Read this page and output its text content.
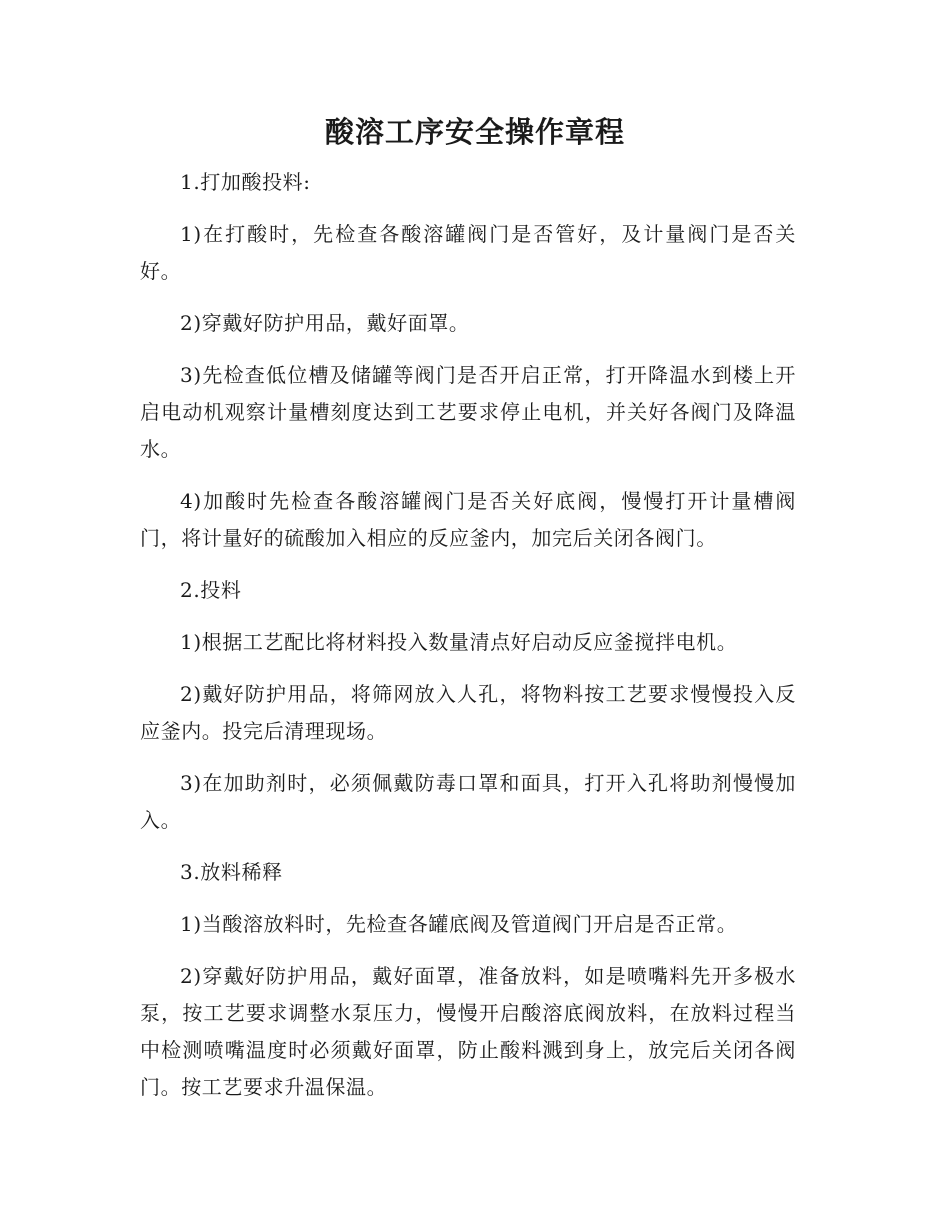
酸溶工序安全操作章程

1.打加酸投料:

1)在打酸时，先检查各酸溶罐阀门是否管好，及计量阀门是否关好。

2)穿戴好防护用品，戴好面罩。

3)先检查低位槽及储罐等阀门是否开启正常，打开降温水到楼上开启电动机观察计量槽刻度达到工艺要求停止电机，并关好各阀门及降温水。

4)加酸时先检查各酸溶罐阀门是否关好底阀，慢慢打开计量槽阀门，将计量好的硫酸加入相应的反应釜内，加完后关闭各阀门。

2.投料

1)根据工艺配比将材料投入数量清点好启动反应釜搅拌电机。

2)戴好防护用品，将筛网放入人孔，将物料按工艺要求慢慢投入反应釜内。投完后清理现场。

3)在加助剂时，必须佩戴防毒口罩和面具，打开入孔将助剂慢慢加入。

3.放料稀释

1)当酸溶放料时，先检查各罐底阀及管道阀门开启是否正常。

2)穿戴好防护用品，戴好面罩，准备放料，如是喷嘴料先开多极水泵，按工艺要求调整水泵压力，慢慢开启酸溶底阀放料，在放料过程当中检测喷嘴温度时必须戴好面罩，防止酸料溅到身上，放完后关闭各阀门。按工艺要求升温保温。
